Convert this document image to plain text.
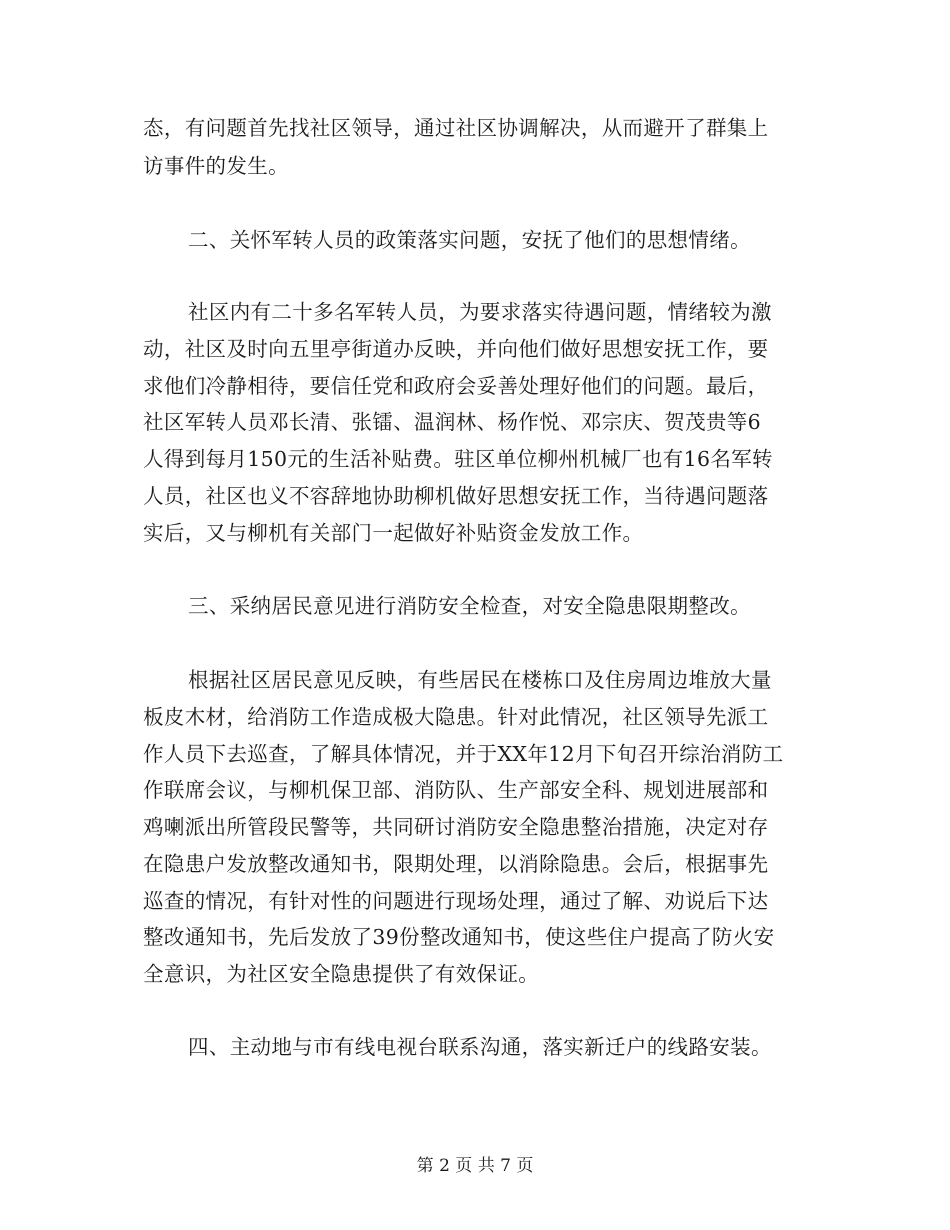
态，有问题首先找社区领导，通过社区协调解决，从而避开了群集上
访事件的发生。
二、关怀军转人员的政策落实问题，安抚了他们的思想情绪。
社区内有二十多名军转人员，为要求落实待遇问题，情绪较为激
动，社区及时向五里亭街道办反映，并向他们做好思想安抚工作，要
求他们冷静相待，要信任党和政府会妥善处理好他们的问题。最后，
社区军转人员邓长清、张镭、温润林、杨作悦、邓宗庆、贺茂贵等6
人得到每月150元的生活补贴费。驻区单位柳州机械厂也有16名军转
人员，社区也义不容辞地协助柳机做好思想安抚工作，当待遇问题落
实后，又与柳机有关部门一起做好补贴资金发放工作。
三、采纳居民意见进行消防安全检查，对安全隐患限期整改。
根据社区居民意见反映，有些居民在楼栋口及住房周边堆放大量
板皮木材，给消防工作造成极大隐患。针对此情况，社区领导先派工
作人员下去巡查，了解具体情况，并于XX年12月下旬召开综治消防工
作联席会议，与柳机保卫部、消防队、生产部安全科、规划进展部和
鸡喇派出所管段民警等，共同研讨消防安全隐患整治措施，决定对存
在隐患户发放整改通知书，限期处理，以消除隐患。会后，根据事先
巡查的情况，有针对性的问题进行现场处理，通过了解、劝说后下达
整改通知书，先后发放了39份整改通知书，使这些住户提高了防火安
全意识，为社区安全隐患提供了有效保证。
四、主动地与市有线电视台联系沟通，落实新迁户的线路安装。
第 2 页 共 7 页
